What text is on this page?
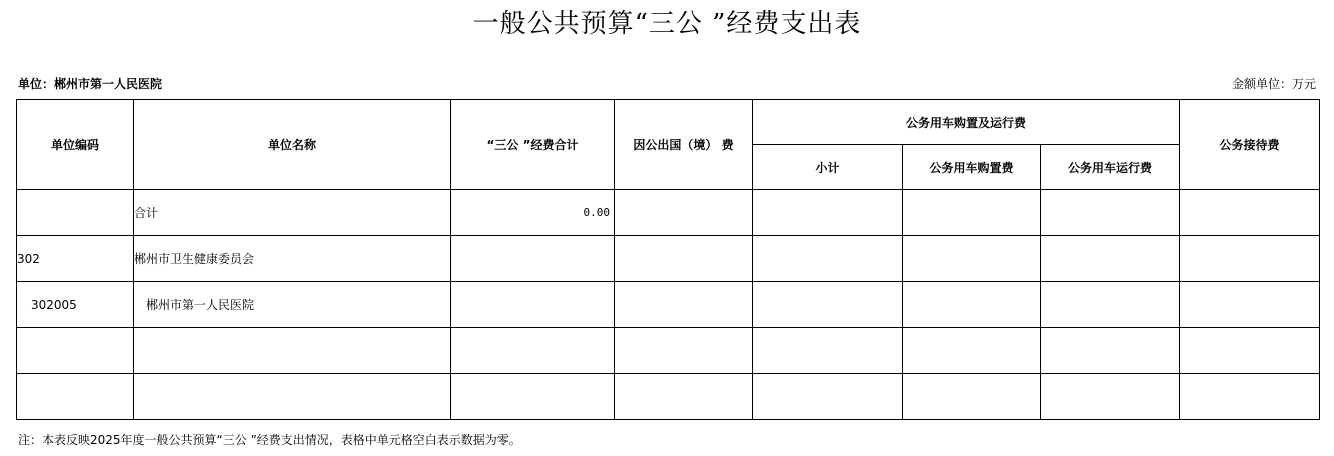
一般公共预算“三公 ”经费支出表
单位：郴州市第一人民医院	金额单位：万元
单位编码	单位名称	“三公 ”经费合计	因公出国（境） 费	公务用车购置及运行费			公务接待费
				小计	公务用车购置费	公务用车运行费	
	合计	0.00					
302	郴州市卫生健康委员会						
302005	郴州市第一人民医院						

注：本表反映2025年度一般公共预算“三公 ”经费支出情况，表格中单元格空白表示数据为零。
